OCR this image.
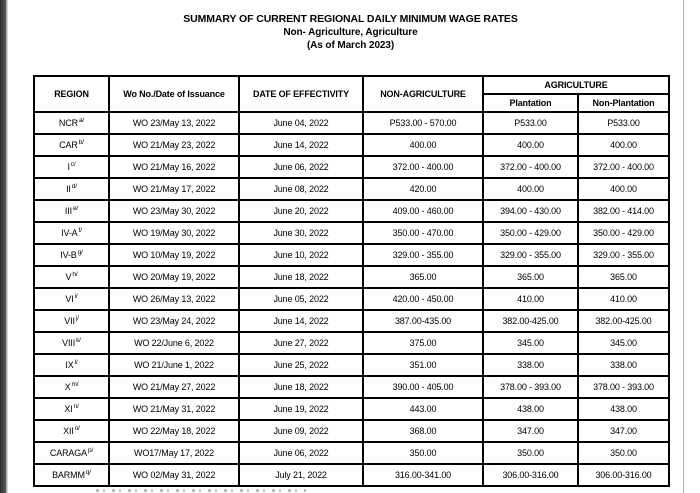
SUMMARY OF CURRENT REGIONAL DAILY MINIMUM WAGE RATES
Non- Agriculture, Agriculture
(As of March 2023)
REGION	Wo No./Date of Issuance	DATE OF EFFECTIVITY	NON-AGRICULTURE	AGRICULTURE	
				Plantation	Non-Plantation
$NCR^{a/}$	WO 23/May 13, 2022	June 04, 2022	P533.00 - 570.00	P533.00	P533.00
$CAR^{b/}$	WO 21/May 23, 2022	June 14, 2022	400.00	400.00	400.00
$I^{c/}$	WO 21/May 16, 2022	June 06, 2022	372.00 - 400.00	372.00 - 400.00	372.00 - 400.00
$II^{d/}$	WO 21/May 17, 2022	June 08, 2022	420.00	400.00	400.00
$III^{e/}$	WO 23/May 30, 2022	June 20, 2022	409.00 - 460.00	394.00 - 430.00	382.00 - 414.00
$IV-A^{f/}$	WO 19/May 30, 2022	June 30, 2022	350.00 - 470.00	350.00 - 429.00	350.00 - 429.00
$IV-B^{g/}$	WO 10/May 19, 2022	June 10, 2022	329.00 - 355.00	329.00 - 355.00	329.00 - 355.00
$V^{h/}$	WO 20/May 19, 2022	June 18, 2022	365.00	365.00	365.00
$VI^{i/}$	WO 26/May 13, 2022	June 05, 2022	420.00 - 450.00	410.00	410.00
$VII^{j/}$	WO 23/May 24, 2022	June 14, 2022	387.00-435.00	382.00-425.00	382.00-425.00
$VIII^{k/}$	WO 22/June 6, 2022	June 27, 2022	375.00	345.00	345.00
$IX^{l/}$	WO 21/June 1, 2022	June 25, 2022	351.00	338.00	338.00
$X^{m/}$	WO 21/May 27, 2022	June 18, 2022	390.00 - 405.00	378.00 - 393.00	378.00 - 393.00
$XI^{n/}$	WO 21/May 31, 2022	June 19, 2022	443.00	438.00	438.00
$XII^{o/}$	WO 22/May 18, 2022	June 09, 2022	368.00	347.00	347.00
$CARAGA^{p/}$	WO17/May 17, 2022	June 06, 2022	350.00	350.00	350.00
$BARMM^{q/}$	WO 02/May 31, 2022	July 21, 2022	316.00-341.00	306.00-316.00	306.00-316.00
